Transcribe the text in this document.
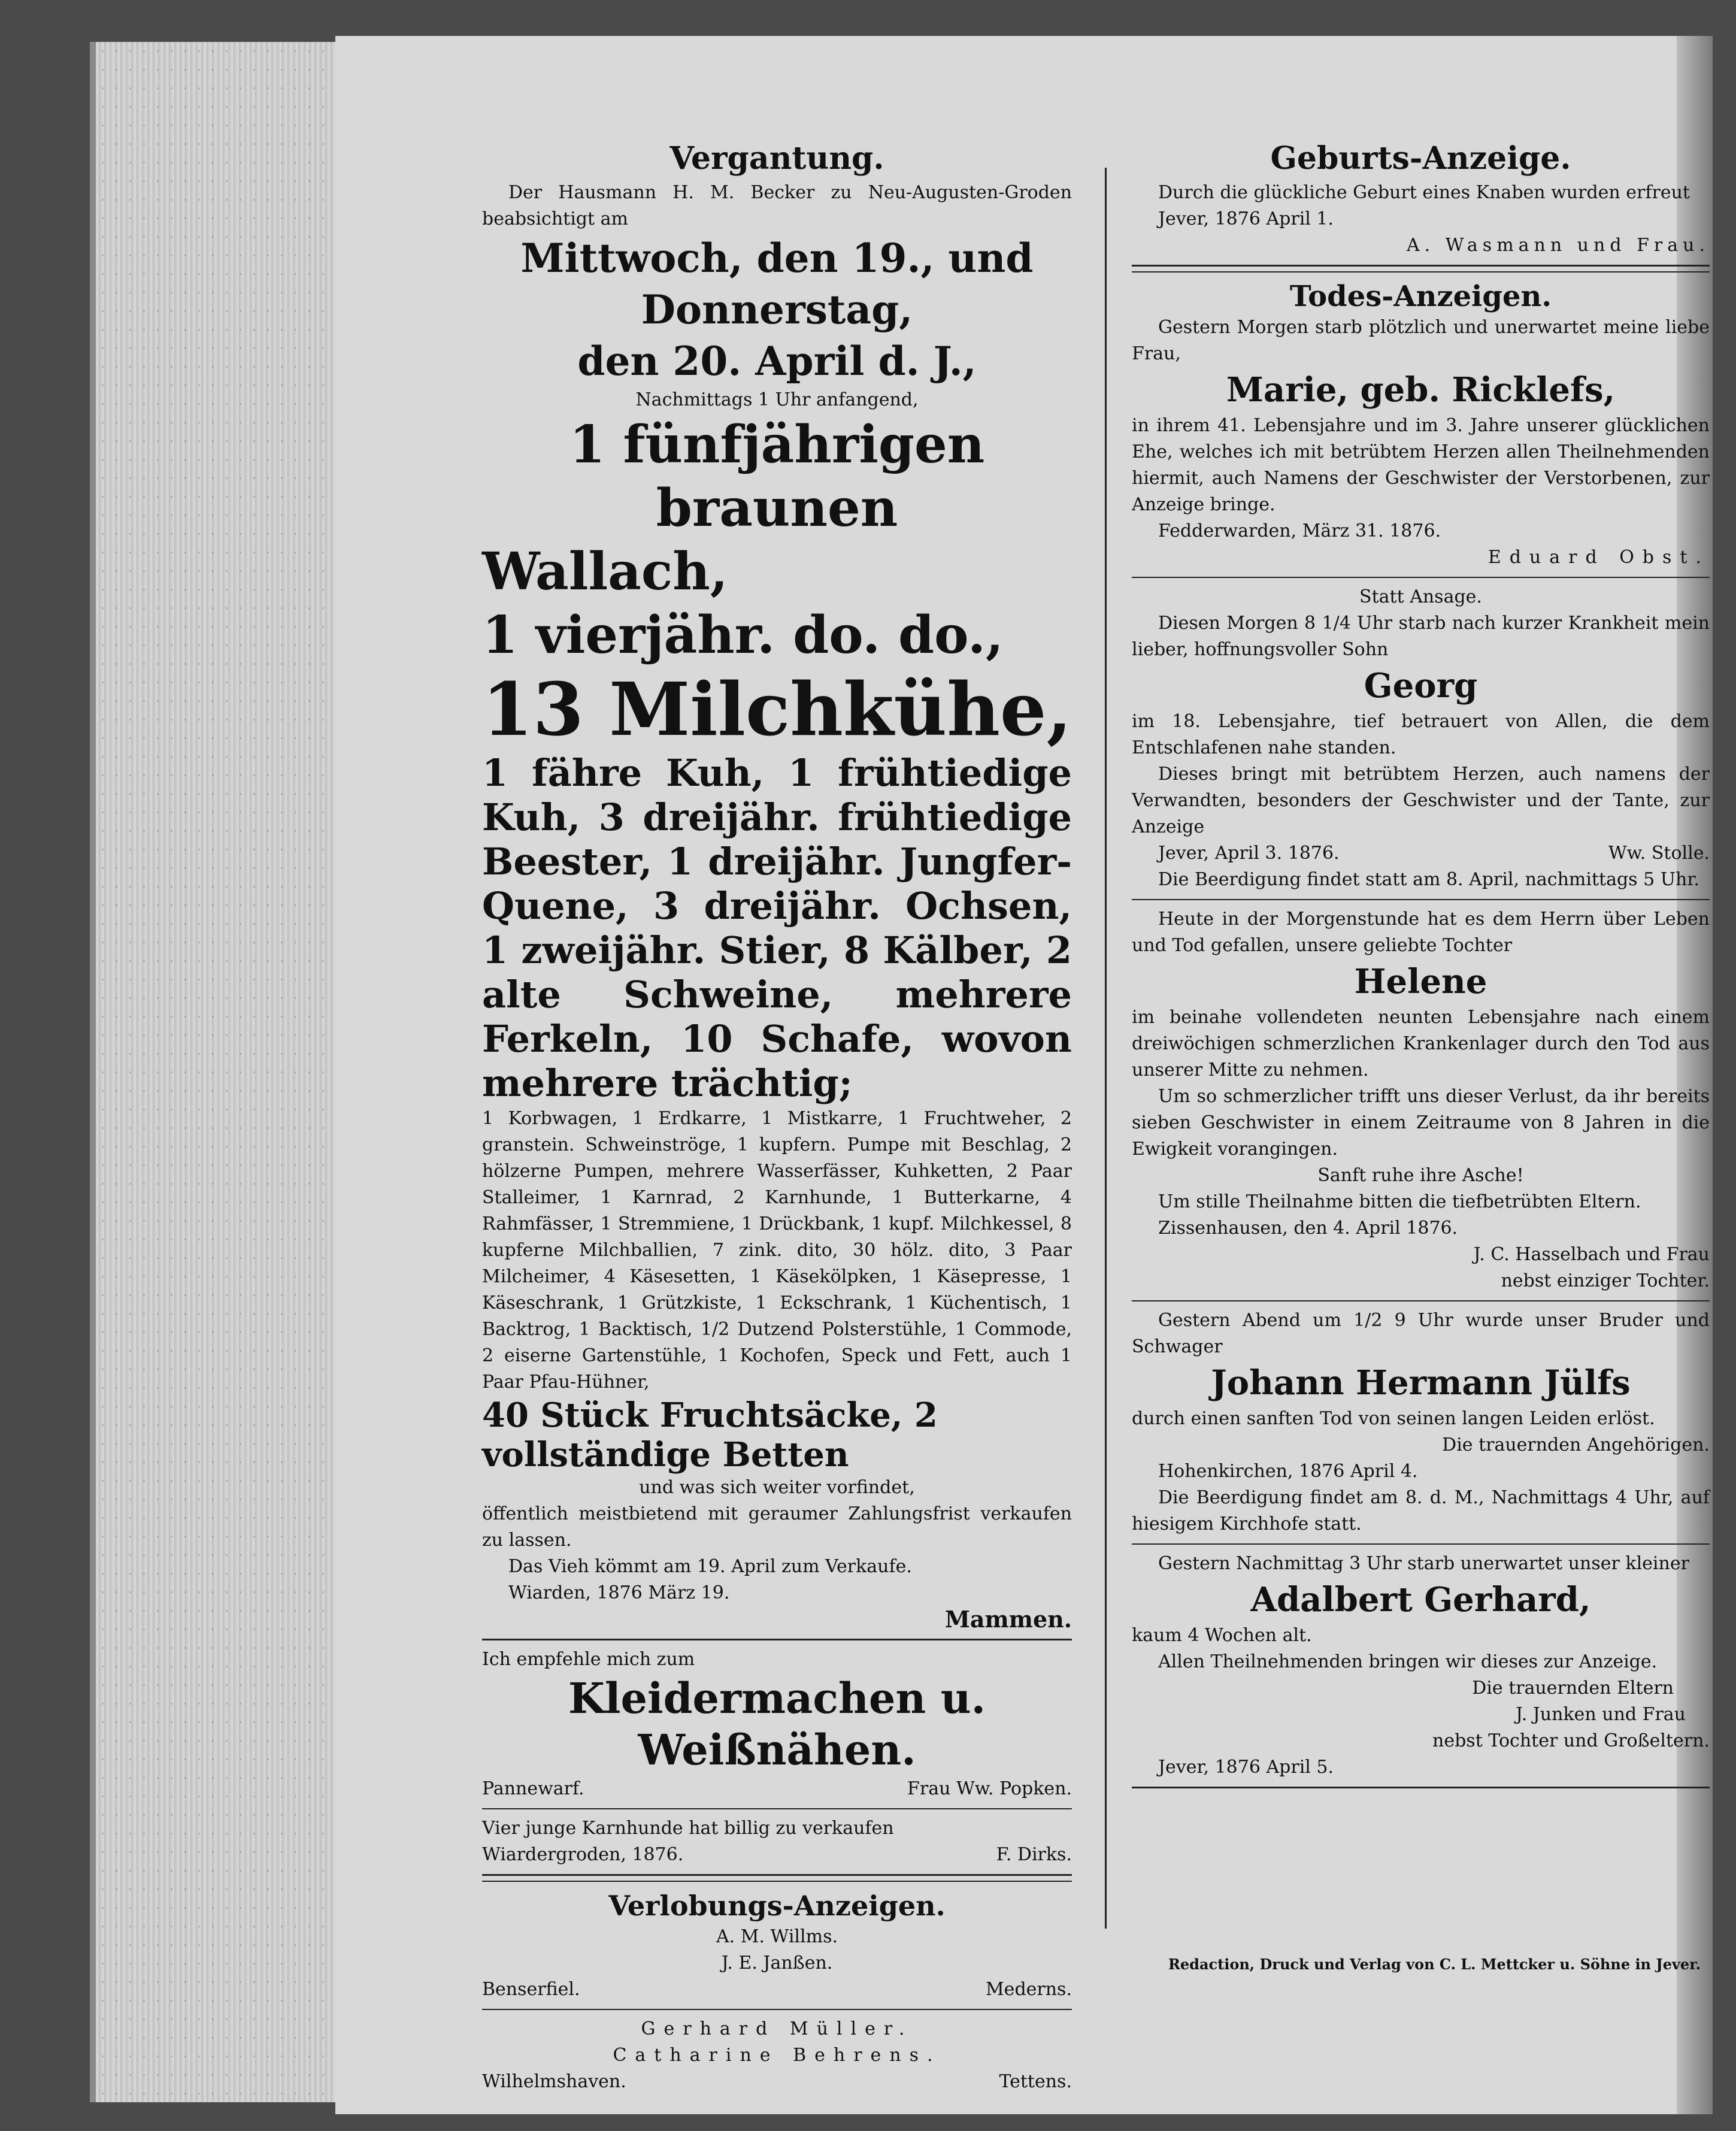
Vergantung.

Der Hausmann H. M. Becker zu Neu-Augusten-Groden beabsichtigt am

Mittwoch, den 19., und Donnerstag,

den 20. April d. J.,

Nachmittags 1 Uhr anfangend,

1 fünfjährigen braunen

Wallach,

1 vierjähr. do. do.,

13 Milchkühe,

1 fähre Kuh, 1 frühtiedige Kuh, 3 dreijähr. frühtiedige Beester, 1 dreijähr. Jungfer-Quene, 3 dreijähr. Ochsen, 1 zweijähr. Stier, 8 Kälber, 2 alte Schweine, mehrere Ferkeln, 10 Schafe, wovon mehrere trächtig;

1 Korbwagen, 1 Erdkarre, 1 Mistkarre, 1 Fruchtweher, 2 granstein. Schweinströge, 1 kupfern. Pumpe mit Beschlag, 2 hölzerne Pumpen, mehrere Wasserfässer, Kuhketten, 2 Paar Stalleimer, 1 Karnrad, 2 Karnhunde, 1 Butterkarne, 4 Rahmfässer, 1 Stremmiene, 1 Drückbank, 1 kupf. Milchkessel, 8 kupferne Milchballien, 7 zink. dito, 30 hölz. dito, 3 Paar Milcheimer, 4 Käsesetten, 1 Käsekölpken, 1 Käsepresse, 1 Käseschrank, 1 Grützkiste, 1 Eckschrank, 1 Küchentisch, 1 Backtrog, 1 Backtisch, 1/2 Dutzend Polsterstühle, 1 Commode, 2 eiserne Gartenstühle, 1 Kochofen, Speck und Fett, auch 1 Paar Pfau-Hühner,

40 Stück Fruchtsäcke, 2 vollständige Betten

und was sich weiter vorfindet,

öffentlich meistbietend mit geraumer Zahlungsfrist verkaufen zu lassen.

Das Vieh kömmt am 19. April zum Verkaufe.

Wiarden, 1876 März 19.

Mammen.

Ich empfehle mich zum

Kleidermachen u. Weißnähen.

Pannewarf.	Frau Ww. Popken.

Vier junge Karnhunde hat billig zu verkaufen

Wiardergroden, 1876.	F. Dirks.

Verlobungs-Anzeigen.

A. M. Willms.

J. E. Janßen.

Benserfiel.	Mederns.

Gerhard Müller.

Catharine Behrens.

Wilhelmshaven.	Tettens.

Geburts-Anzeige.

Durch die glückliche Geburt eines Knaben wurden erfreut

Jever, 1876 April 1.

A. Wasmann und Frau.

Todes-Anzeigen.

Gestern Morgen starb plötzlich und unerwartet meine liebe Frau,

Marie, geb. Ricklefs,

in ihrem 41. Lebensjahre und im 3. Jahre unserer glücklichen Ehe, welches ich mit betrübtem Herzen allen Theilnehmenden hiermit, auch Namens der Geschwister der Verstorbenen, zur Anzeige bringe.

Fedderwarden, März 31. 1876.

Eduard Obst.

Statt Ansage.

Diesen Morgen 8 1/4 Uhr starb nach kurzer Krankheit mein lieber, hoffnungsvoller Sohn

Georg

im 18. Lebensjahre, tief betrauert von Allen, die dem Entschlafenen nahe standen.

Dieses bringt mit betrübtem Herzen, auch namens der Verwandten, besonders der Geschwister und der Tante, zur Anzeige

Jever, April 3. 1876.	Ww. Stolle.

Die Beerdigung findet statt am 8. April, nachmittags 5 Uhr.

Heute in der Morgenstunde hat es dem Herrn über Leben und Tod gefallen, unsere geliebte Tochter

Helene

im beinahe vollendeten neunten Lebensjahre nach einem dreiwöchigen schmerzlichen Krankenlager durch den Tod aus unserer Mitte zu nehmen.

Um so schmerzlicher trifft uns dieser Verlust, da ihr bereits sieben Geschwister in einem Zeitraume von 8 Jahren in die Ewigkeit vorangingen.

Sanft ruhe ihre Asche!

Um stille Theilnahme bitten die tiefbetrübten Eltern.

Zissenhausen, den 4. April 1876.

J. C. Hasselbach und Frau

nebst einziger Tochter.

Gestern Abend um 1/2 9 Uhr wurde unser Bruder und Schwager

Johann Hermann Jülfs

durch einen sanften Tod von seinen langen Leiden erlöst.

Die trauernden Angehörigen.

Hohenkirchen, 1876 April 4.

Die Beerdigung findet am 8. d. M., Nachmittags 4 Uhr, auf hiesigem Kirchhofe statt.

Gestern Nachmittag 3 Uhr starb unerwartet unser kleiner

Adalbert Gerhard,

kaum 4 Wochen alt.

Allen Theilnehmenden bringen wir dieses zur Anzeige.

Die trauernden Eltern

J. Junken und Frau

nebst Tochter und Großeltern.

Jever, 1876 April 5.

Redaction, Druck und Verlag von C. L. Mettcker u. Söhne in Jever.
